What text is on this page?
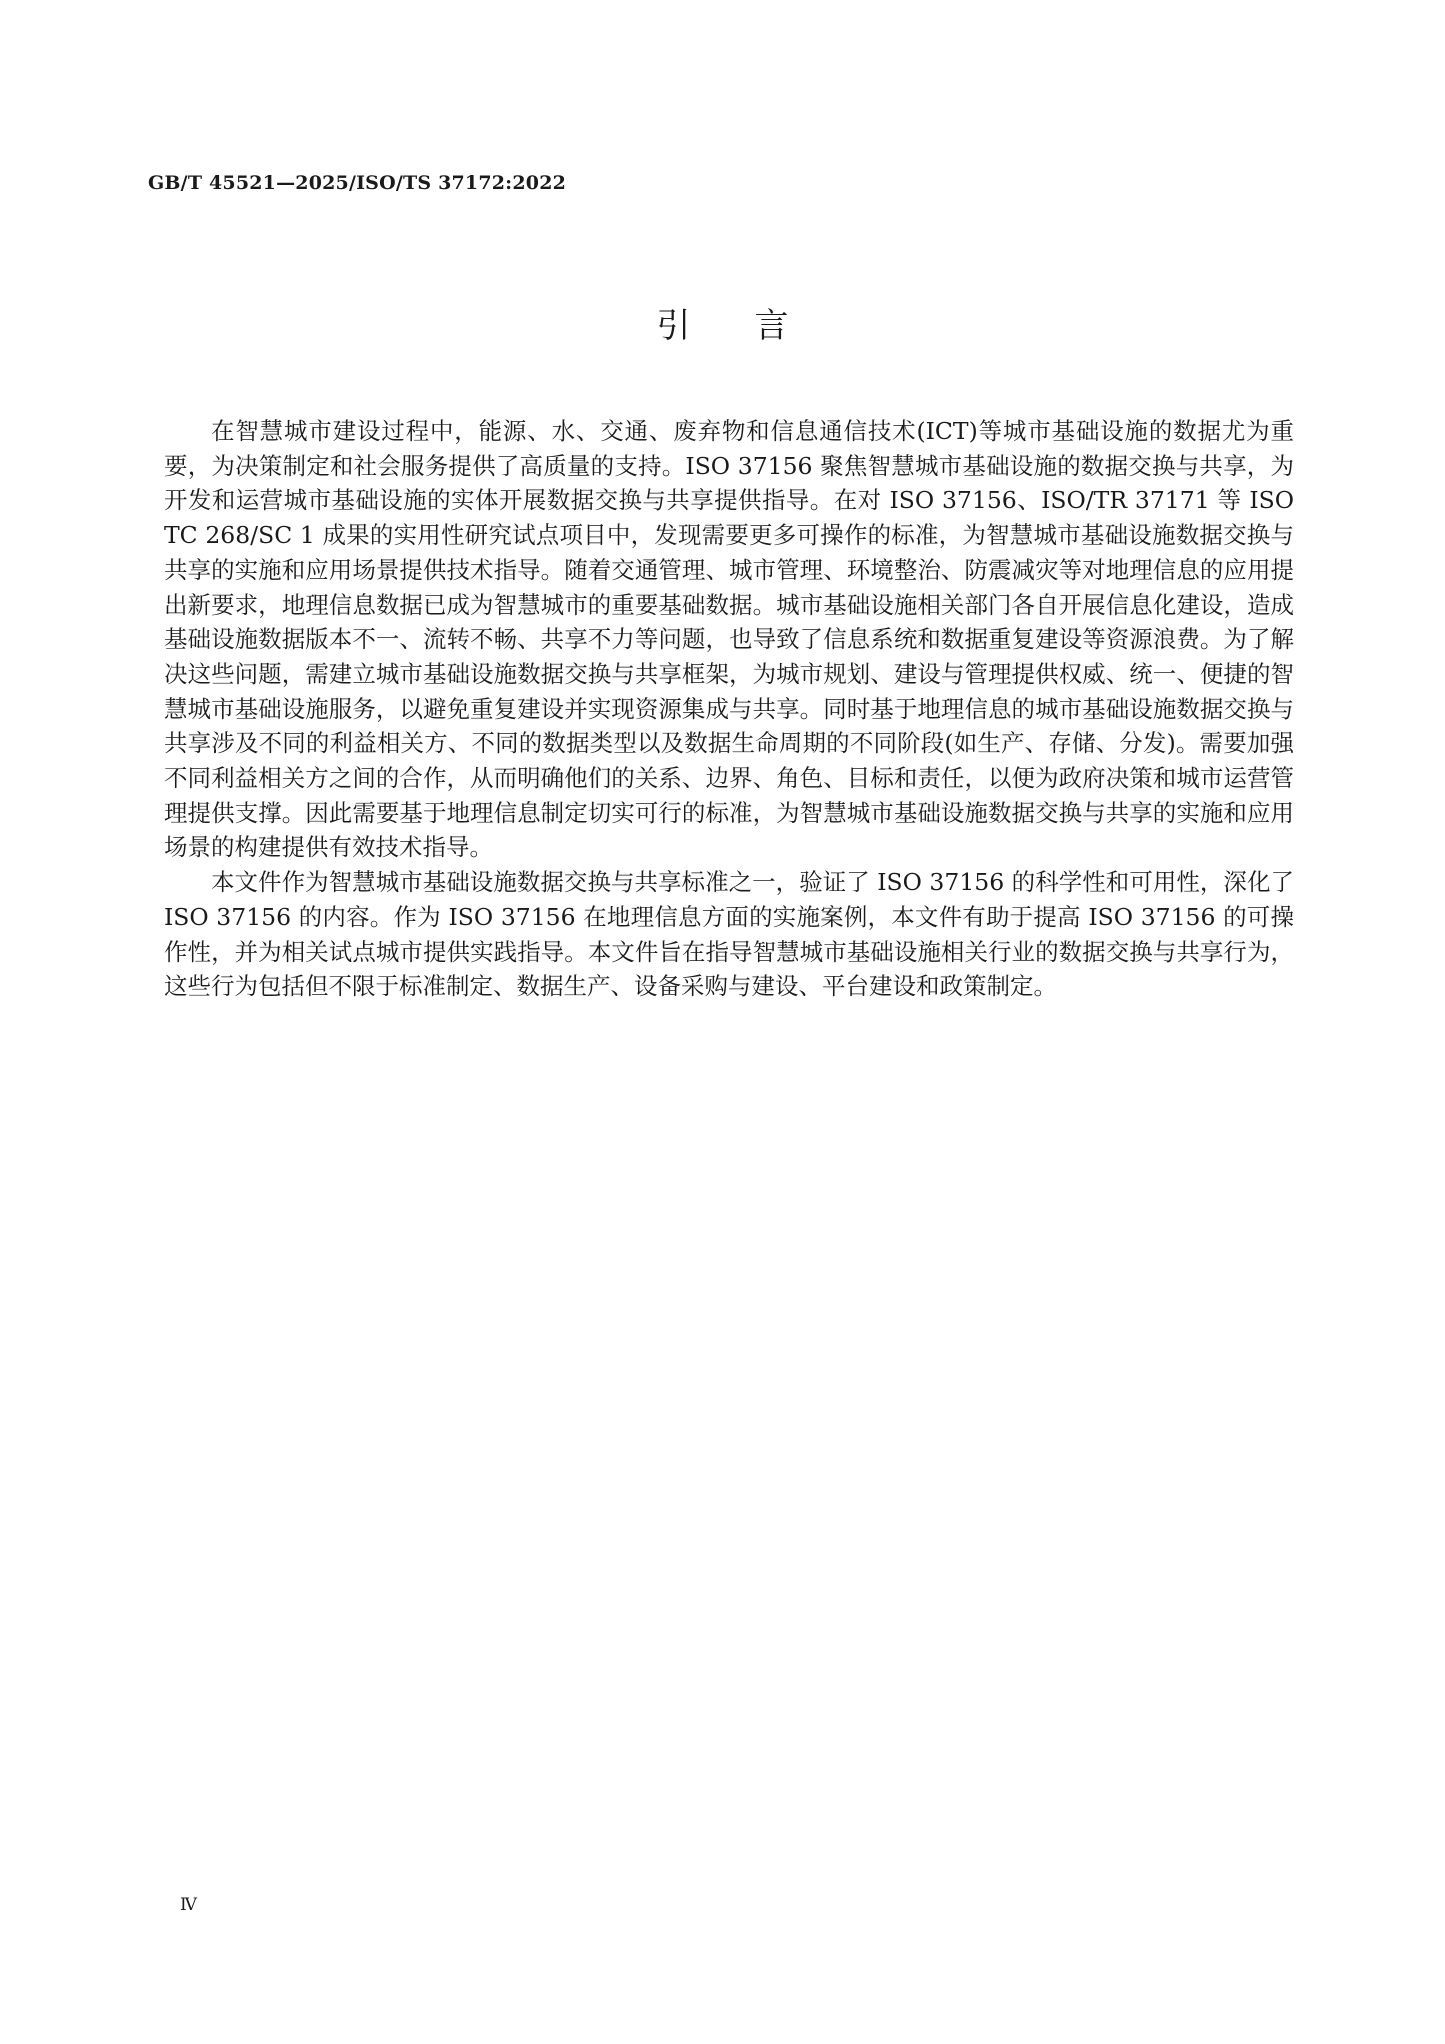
GB/T 45521—2025/ISO/TS 37172:2022
引言

在智慧城市建设过程中，能源、水、交通、废弃物和信息通信技术(ICT)等城市基础设施的数据尤为重要，为决策制定和社会服务提供了高质量的支持。ISO 37156 聚焦智慧城市基础设施的数据交换与共享，为开发和运营城市基础设施的实体开展数据交换与共享提供指导。在对 ISO 37156、ISO/TR 37171 等 ISO TC 268/SC 1 成果的实用性研究试点项目中，发现需要更多可操作的标准，为智慧城市基础设施数据交换与共享的实施和应用场景提供技术指导。随着交通管理、城市管理、环境整治、防震减灾等对地理信息的应用提出新要求，地理信息数据已成为智慧城市的重要基础数据。城市基础设施相关部门各自开展信息化建设，造成基础设施数据版本不一、流转不畅、共享不力等问题，也导致了信息系统和数据重复建设等资源浪费。为了解决这些问题，需建立城市基础设施数据交换与共享框架，为城市规划、建设与管理提供权威、统一、便捷的智慧城市基础设施服务，以避免重复建设并实现资源集成与共享。同时基于地理信息的城市基础设施数据交换与共享涉及不同的利益相关方、不同的数据类型以及数据生命周期的不同阶段(如生产、存储、分发)。需要加强不同利益相关方之间的合作，从而明确他们的关系、边界、角色、目标和责任，以便为政府决策和城市运营管理提供支撑。因此需要基于地理信息制定切实可行的标准，为智慧城市基础设施数据交换与共享的实施和应用场景的构建提供有效技术指导。

本文件作为智慧城市基础设施数据交换与共享标准之一，验证了 ISO 37156 的科学性和可用性，深化了 ISO 37156 的内容。作为 ISO 37156 在地理信息方面的实施案例，本文件有助于提高 ISO 37156 的可操作性，并为相关试点城市提供实践指导。本文件旨在指导智慧城市基础设施相关行业的数据交换与共享行为，这些行为包括但不限于标准制定、数据生产、设备采购与建设、平台建设和政策制定。

Ⅳ
